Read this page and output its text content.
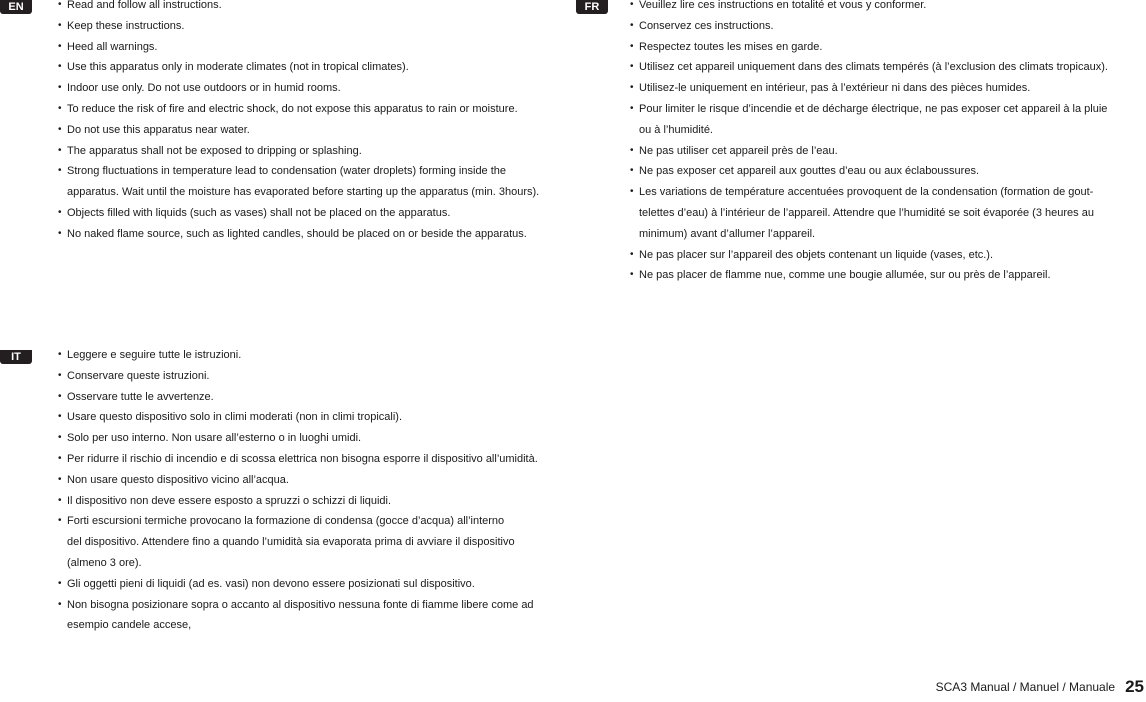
EN	• Read and follow all instructions.
• Keep these instructions.
• Heed all warnings.
• Use this apparatus only in moderate climates (not in tropical climates).
• Indoor use only. Do not use outdoors or in humid rooms.
• To reduce the risk of fire and electric shock, do not expose this apparatus to rain or moisture.
• Do not use this apparatus near water.
• The apparatus shall not be exposed to dripping or splashing.
• Strong fluctuations in temperature lead to condensation (water droplets) forming inside the
apparatus. Wait until the moisture has evaporated before starting up the apparatus (min. 3hours).
• Objects filled with liquids (such as vases) shall not be placed on the apparatus.
• No naked flame source, such as lighted candles, should be placed on or beside the apparatus.
FR	• Veuillez lire ces instructions en totalité et vous y conformer.
• Conservez ces instructions.
• Respectez toutes les mises en garde.
• Utilisez cet appareil uniquement dans des climats tempérés (à l’exclusion des climats tropicaux).
• Utilisez-le uniquement en intérieur, pas à l’extérieur ni dans des pièces humides.
• Pour limiter le risque d’incendie et de décharge électrique, ne pas exposer cet appareil à la pluie
ou à l’humidité.
• Ne pas utiliser cet appareil près de l’eau.
• Ne pas exposer cet appareil aux gouttes d’eau ou aux éclaboussures.
• Les variations de température accentuées provoquent de la condensation (formation de gout-
telettes d’eau) à l’intérieur de l’appareil. Attendre que l’humidité se soit évaporée (3 heures au
minimum) avant d’allumer l’appareil.
• Ne pas placer sur l’appareil des objets contenant un liquide (vases, etc.).
• Ne pas placer de flamme nue, comme une bougie allumée, sur ou près de l’appareil.
IT	• Leggere e seguire tutte le istruzioni.
• Conservare queste istruzioni.
• Osservare tutte le avvertenze.
• Usare questo dispositivo solo in climi moderati (non in climi tropicali).
• Solo per uso interno. Non usare all’esterno o in luoghi umidi.
• Per ridurre il rischio di incendio e di scossa elettrica non bisogna esporre il dispositivo all’umidità.
• Non usare questo dispositivo vicino all’acqua.
• Il dispositivo non deve essere esposto a spruzzi o schizzi di liquidi.
• Forti escursioni termiche provocano la formazione di condensa (gocce d’acqua) all’interno
del dispositivo. Attendere fino a quando l’umidità sia evaporata prima di avviare il dispositivo
(almeno 3 ore).
• Gli oggetti pieni di liquidi (ad es. vasi) non devono essere posizionati sul dispositivo.
• Non bisogna posizionare sopra o accanto al dispositivo nessuna fonte di fiamme libere come ad
esempio candele accese,
SCA3 Manual / Manuel / Manuale 25
